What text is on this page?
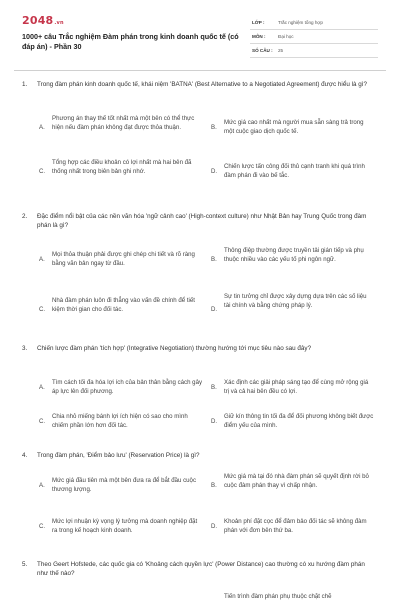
2048.vn
1000+ câu Trắc nghiệm Đàm phán trong kinh doanh quốc tế (có đáp án) - Phần 30
LỚP :	Trắc nghiệm tổng hợp
MÔN :	Đại học
SỐ CÂU : 25
1. Trong đàm phán kinh doanh quốc tế, khái niệm 'BATNA' (Best Alternative to a Negotiated Agreement) được hiểu là gì?
A.
Phương án thay thế tốt nhất mà một bên có thể thực hiện nếu đàm phán không đạt được thỏa thuận.	B.
Mức giá cao nhất mà người mua sẵn sàng trả trong một cuộc giao dịch quốc tế.
C.
Tổng hợp các điều khoản có lợi nhất mà hai bên đã thống nhất trong biên bản ghi nhớ.	D.
Chiến lược tấn công đối thủ cạnh tranh khi quá trình đàm phán đi vào bế tắc.
2. Đặc điểm nổi bật của các nền văn hóa 'ngữ cảnh cao' (High-context culture) như Nhật Bản hay Trung Quốc trong đàm phán là gì?
A.
Mọi thỏa thuận phải được ghi chép chi tiết và rõ ràng bằng văn bản ngay từ đầu.
B.
Thông điệp thường được truyền tải gián tiếp và phụ thuộc nhiều vào các yếu tố phi ngôn ngữ.
C.
Nhà đàm phán luôn đi thẳng vào vấn đề chính để tiết kiệm thời gian cho đối tác.	D.
Sự tin tưởng chỉ được xây dựng dựa trên các số liệu tài chính và bằng chứng pháp lý.
3. Chiến lược đàm phán 'tích hợp' (Integrative Negotiation) thường hướng tới mục tiêu nào sau đây?
A.
Tìm cách tối đa hóa lợi ích của bản thân bằng cách gây áp lực lên đối phương.
B.
Xác định các giải pháp sáng tạo để cùng mở rộng giá trị và cả hai bên đều có lợi.
C.
Chia nhỏ miếng bánh lợi ích hiện có sao cho mình chiếm phần lớn hơn đối tác.
D.
Giữ kín thông tin tối đa để đối phương không biết được điểm yếu của mình.
4. Trong đàm phán, 'Điểm bảo lưu' (Reservation Price) là gì?
A.
Mức giá đầu tiên mà một bên đưa ra để bắt đầu cuộc thương lượng.
B.
Mức giá mà tại đó nhà đàm phán sẽ quyết định rời bỏ cuộc đàm phán thay vì chấp nhận.
C.
Mức lợi nhuận kỳ vọng lý tưởng mà doanh nghiệp đặt ra trong kế hoạch kinh doanh.
D.
Khoản phí đặt cọc để đảm bảo đối tác sẽ không đàm phán với đơn bên thứ ba.
5. Theo Geert Hofstede, các quốc gia có 'Khoảng cách quyền lực' (Power Distance) cao thường có xu hướng đàm phán như thế nào?
Tiến trình đàm phán phụ thuộc chặt chẽ
